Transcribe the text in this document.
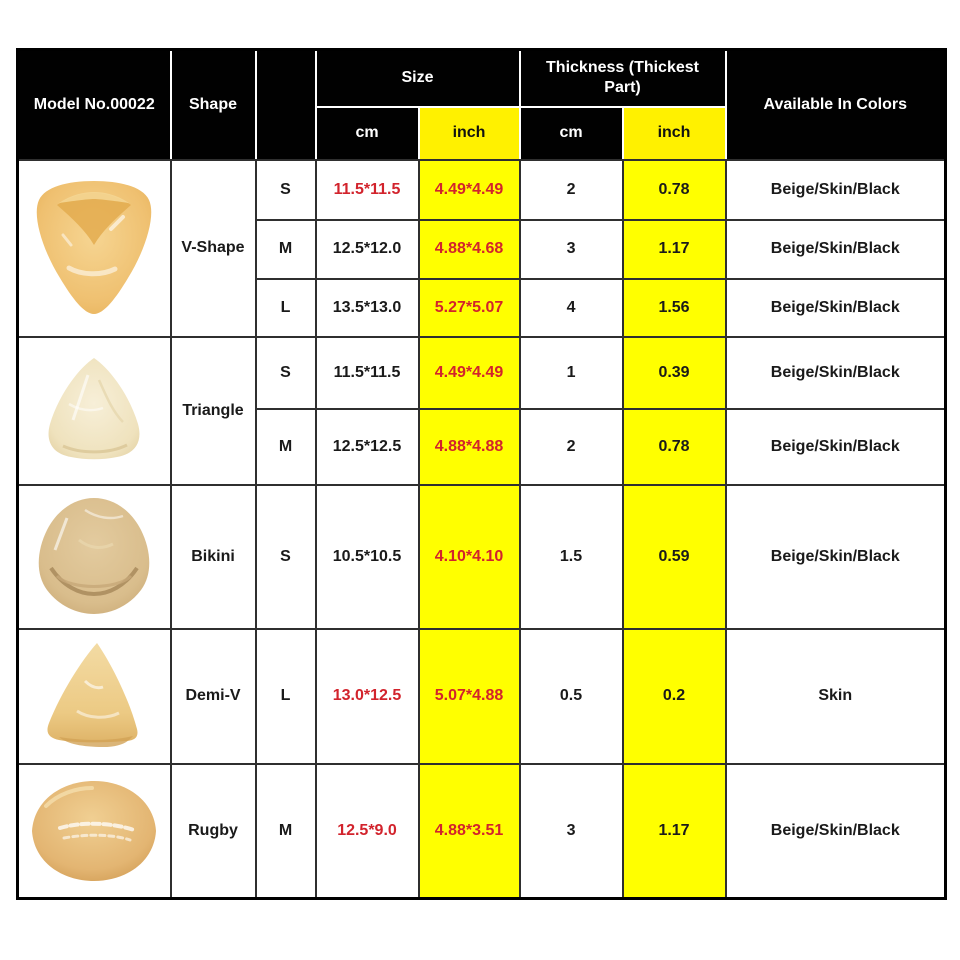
Model No.00022	Shape		Size		Thickness (Thickest Part)		Available In Colors
			cm	inch	cm	inch	

	V-Shape	S	11.5*11.5	4.49*4.49	2	0.78	Beige/Skin/Black
		M	12.5*12.0	4.88*4.68	3	1.17	Beige/Skin/Black
		L	13.5*13.0	5.27*5.07	4	1.56	Beige/Skin/Black

	Triangle	S	11.5*11.5	4.49*4.49	1	0.39	Beige/Skin/Black
		M	12.5*12.5	4.88*4.88	2	0.78	Beige/Skin/Black

	Bikini	S	10.5*10.5	4.10*4.10	1.5	0.59	Beige/Skin/Black

	Demi-V	L	13.0*12.5	5.07*4.88	0.5	0.2	Skin

	Rugby	M	12.5*9.0	4.88*3.51	3	1.17	Beige/Skin/Black
